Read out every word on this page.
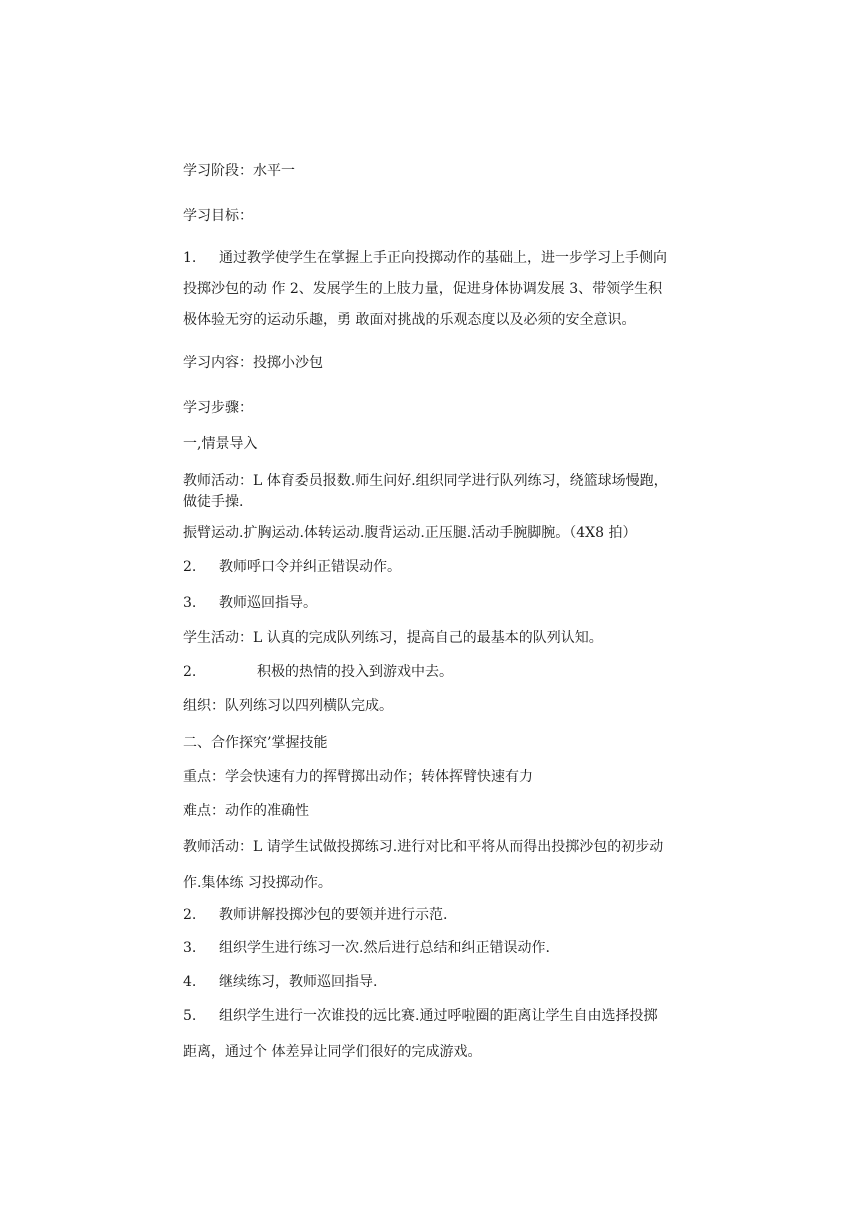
学习阶段：水平一
学习目标：
1. 通过教学使学生在掌握上手正向投掷动作的基础上，进一步学习上手侧向
投掷沙包的动 作 2、发展学生的上肢力量，促进身体协调发展 3、带领学生积
极体验无穷的运动乐趣，勇 敢面对挑战的乐观态度以及必须的安全意识。
学习内容：投掷小沙包
学习步骤：
一,情景导入
教师活动：L 体育委员报数.师生问好.组织同学进行队列练习，绕篮球场慢跑，
做徒手操.
振臂运动.扩胸运动.体转运动.腹背运动.正压腿.活动手腕脚腕。（4X8 拍）
2. 教师呼口令并纠正错误动作。
3. 教师巡回指导。
学生活动：L 认真的完成队列练习，提高自己的最基本的队列认知。
2.	积极的热情的投入到游戏中去。
组织：队列练习以四列横队完成。
二、合作探究’掌握技能
重点：学会快速有力的挥臂掷出动作；转体挥臂快速有力
难点：动作的准确性
教师活动：L 请学生试做投掷练习.进行对比和平将从而得出投掷沙包的初步动
作.集体练 习投掷动作。
2. 教师讲解投掷沙包的要领并进行示范.
3. 组织学生进行练习一次.然后进行总结和纠正错误动作.
4. 继续练习，教师巡回指导.
5. 组织学生进行一次谁投的远比赛.通过呼啦圈的距离让学生自由选择投掷
距离，通过个 体差异让同学们很好的完成游戏。
